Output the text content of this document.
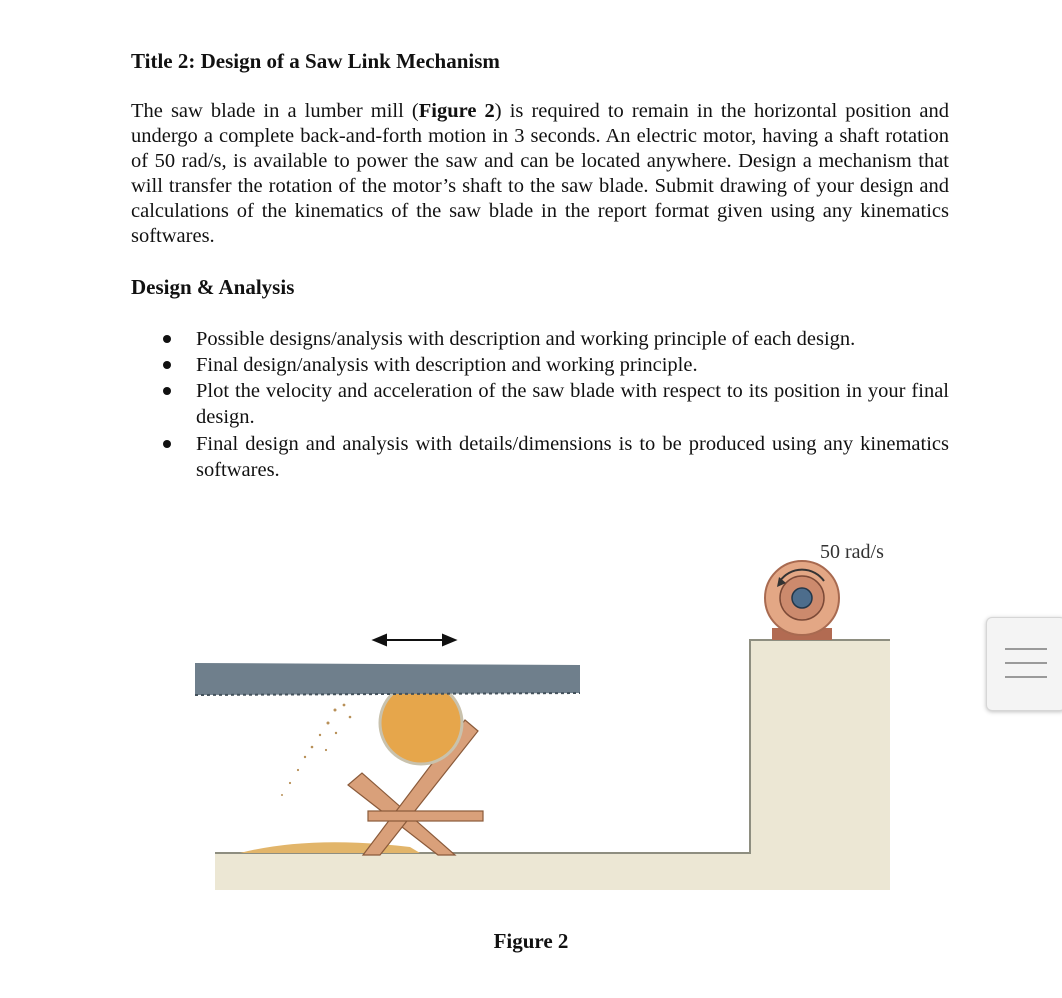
Title 2: Design of a Saw Link Mechanism
The saw blade in a lumber mill (Figure 2) is required to remain in the horizontal position and undergo a complete back-and-forth motion in 3 seconds. An electric motor, having a shaft rotation of 50 rad/s, is available to power the saw and can be located anywhere. Design a mechanism that will transfer the rotation of the motor’s shaft to the saw blade. Submit drawing of your design and calculations of the kinematics of the saw blade in the report format given using any kinematics softwares.
Design & Analysis
Possible designs/analysis with description and working principle of each design.
Final design/analysis with description and working principle.
Plot the velocity and acceleration of the saw blade with respect to its position in your final design.
Final design and analysis with details/dimensions is to be produced using any kinematics softwares.
50 rad/s
Figure 2
